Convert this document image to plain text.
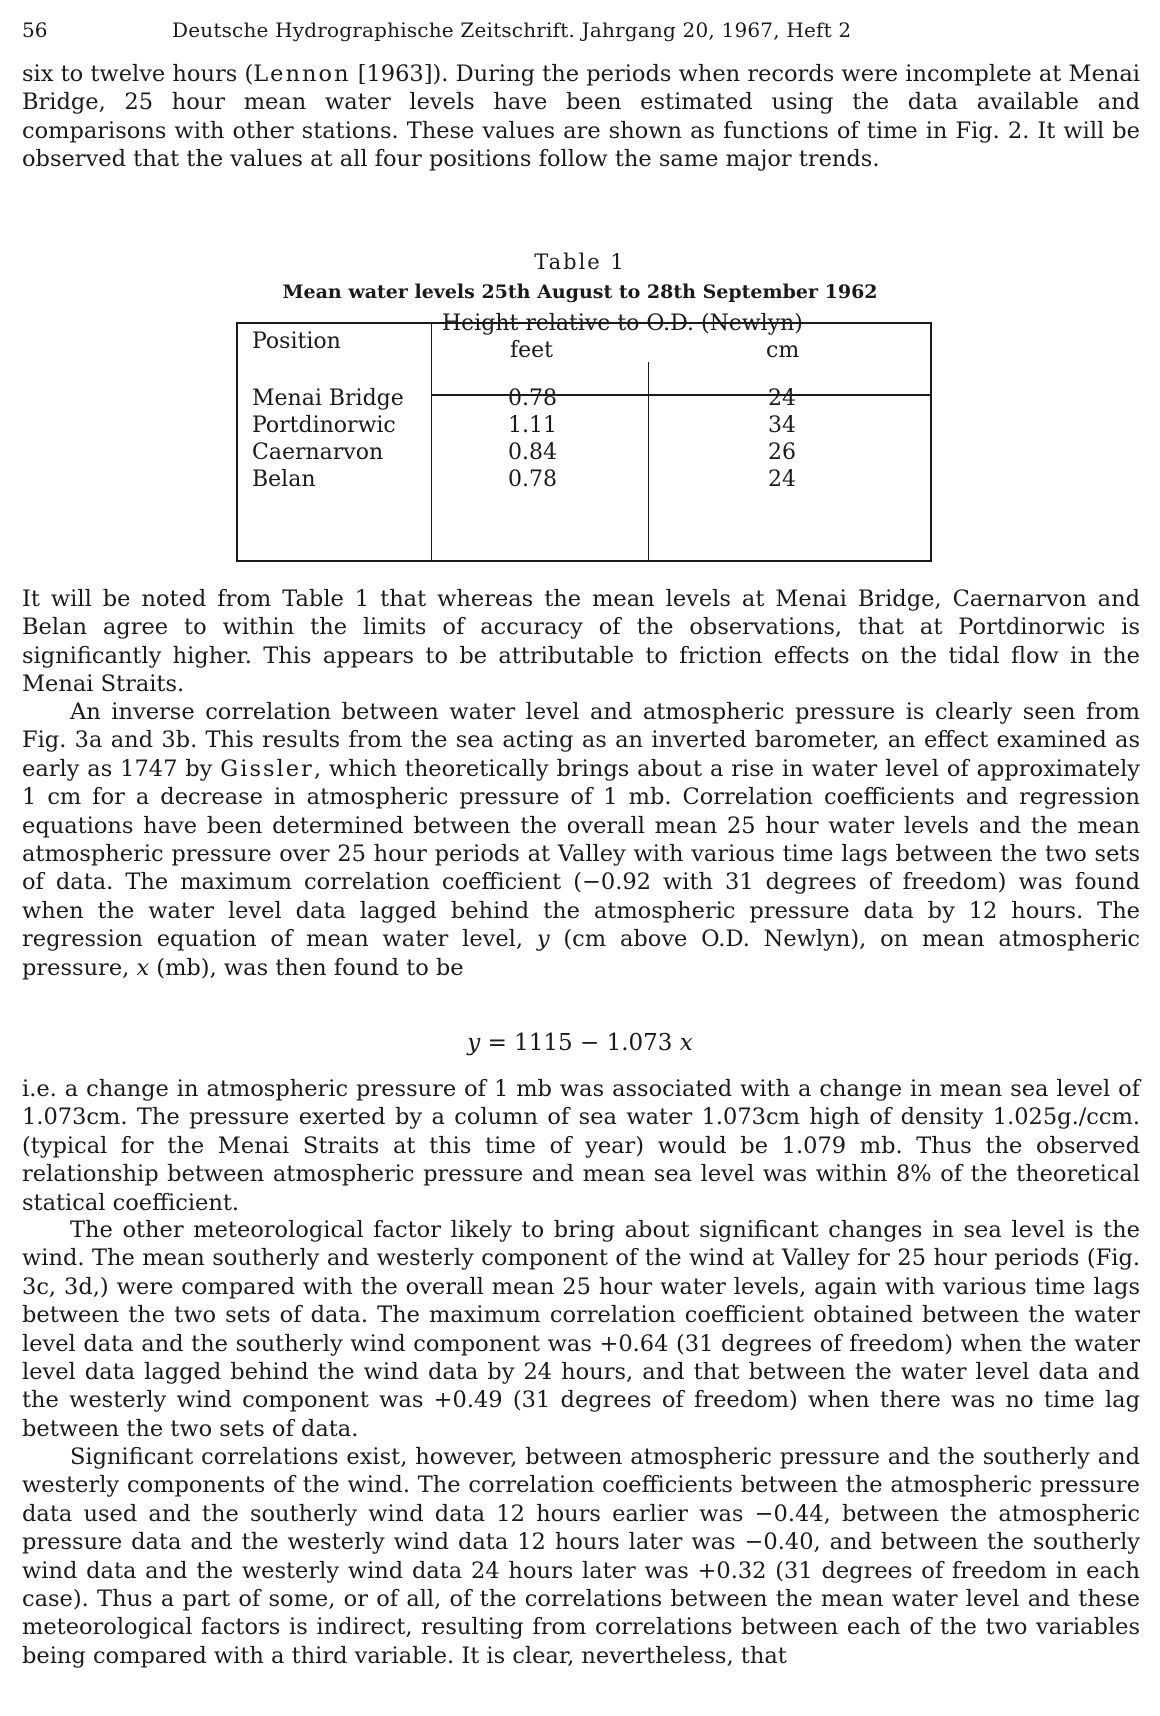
56	Deutsche Hydrographische Zeitschrift. Jahrgang 20, 1967, Heft 2

six to twelve hours (Lennon [1963]). During the periods when records were incomplete at Menai Bridge, 25 hour mean water levels have been estimated using the data available and comparisons with other stations. These values are shown as functions of time in Fig. 2. It will be observed that the values at all four positions follow the same major trends.

Table 1
Mean water levels 25th August to 28th September 1962
Position
Height relative to O.D. (Newlyn)
feet	cm
Menai Bridge	0.78	24
Portdinorwic	1.11	34
Caernarvon	0.84	26
Belan	0.78	24

It will be noted from Table 1 that whereas the mean levels at Menai Bridge, Caernarvon and Belan agree to within the limits of accuracy of the observations, that at Portdinorwic is significantly higher. This appears to be attributable to friction effects on the tidal flow in the Menai Straits.

An inverse correlation between water level and atmospheric pressure is clearly seen from Fig. 3a and 3b. This results from the sea acting as an inverted barometer, an effect examined as early as 1747 by Gissler, which theoretically brings about a rise in water level of approximately 1 cm for a decrease in atmospheric pressure of 1 mb. Correlation coefficients and regression equations have been determined between the overall mean 25 hour water levels and the mean atmospheric pressure over 25 hour periods at Valley with various time lags between the two sets of data. The maximum correlation coefficient (−0.92 with 31 degrees of freedom) was found when the water level data lagged behind the atmospheric pressure data by 12 hours. The regression equation of mean water level, y (cm above O.D. Newlyn), on mean atmospheric pressure, x (mb), was then found to be

y = 1115 − 1.073 x

i.e. a change in atmospheric pressure of 1 mb was associated with a change in mean sea level of 1.073cm. The pressure exerted by a column of sea water 1.073cm high of density 1.025g./ccm. (typical for the Menai Straits at this time of year) would be 1.079 mb. Thus the observed relationship between atmospheric pressure and mean sea level was within 8% of the theoretical statical coefficient.

The other meteorological factor likely to bring about significant changes in sea level is the wind. The mean southerly and westerly component of the wind at Valley for 25 hour periods (Fig. 3c, 3d,) were compared with the overall mean 25 hour water levels, again with various time lags between the two sets of data. The maximum correlation coefficient obtained between the water level data and the southerly wind component was +0.64 (31 degrees of freedom) when the water level data lagged behind the wind data by 24 hours, and that between the water level data and the westerly wind component was +0.49 (31 degrees of freedom) when there was no time lag between the two sets of data.

Significant correlations exist, however, between atmospheric pressure and the southerly and westerly components of the wind. The correlation coefficients between the atmospheric pressure data used and the southerly wind data 12 hours earlier was −0.44, between the atmospheric pressure data and the westerly wind data 12 hours later was −0.40, and between the southerly wind data and the westerly wind data 24 hours later was +0.32 (31 degrees of freedom in each case). Thus a part of some, or of all, of the correlations between the mean water level and these meteorological factors is indirect, resulting from correlations between each of the two variables being compared with a third variable. It is clear, nevertheless, that
